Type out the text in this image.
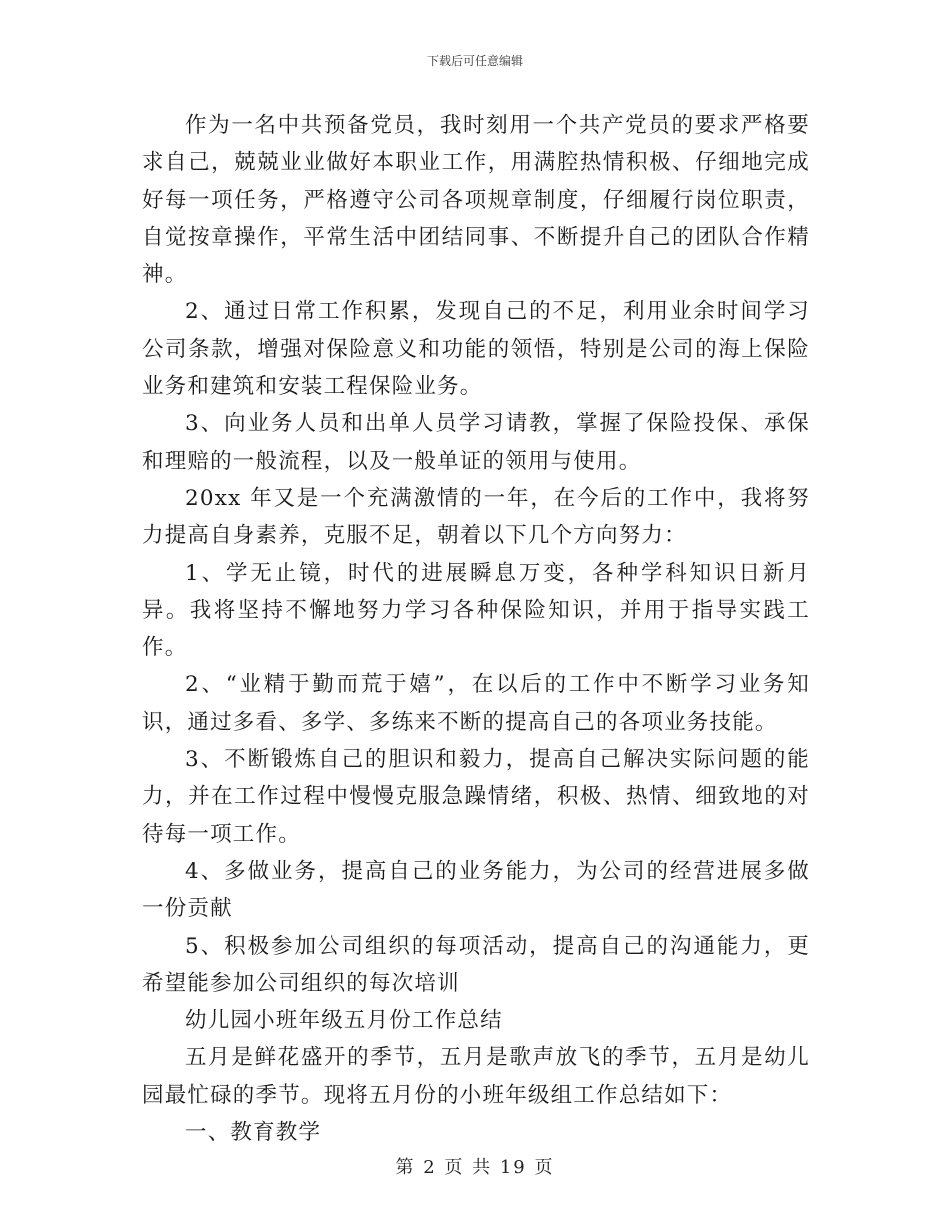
下载后可任意编辑

作为一名中共预备党员，我时刻用一个共产党员的要求严格要求自己，兢兢业业做好本职业工作，用满腔热情积极、仔细地完成好每一项任务，严格遵守公司各项规章制度，仔细履行岗位职责，自觉按章操作，平常生活中团结同事、不断提升自己的团队合作精神。

2、通过日常工作积累，发现自己的不足，利用业余时间学习公司条款，增强对保险意义和功能的领悟，特别是公司的海上保险业务和建筑和安装工程保险业务。

3、向业务人员和出单人员学习请教，掌握了保险投保、承保和理赔的一般流程，以及一般单证的领用与使用。

20xx 年又是一个充满激情的一年，在今后的工作中，我将努力提高自身素养，克服不足，朝着以下几个方向努力：

1、学无止镜，时代的进展瞬息万变，各种学科知识日新月异。我将坚持不懈地努力学习各种保险知识，并用于指导实践工作。

2、“业精于勤而荒于嬉”，在以后的工作中不断学习业务知识，通过多看、多学、多练来不断的提高自己的各项业务技能。

3、不断锻炼自己的胆识和毅力，提高自己解决实际问题的能力，并在工作过程中慢慢克服急躁情绪，积极、热情、细致地的对待每一项工作。

4、多做业务，提高自己的业务能力，为公司的经营进展多做一份贡献

5、积极参加公司组织的每项活动，提高自己的沟通能力，更希望能参加公司组织的每次培训

幼儿园小班年级五月份工作总结

五月是鲜花盛开的季节，五月是歌声放飞的季节，五月是幼儿园最忙碌的季节。现将五月份的小班年级组工作总结如下：

一、教育教学

第 2 页 共 19 页
